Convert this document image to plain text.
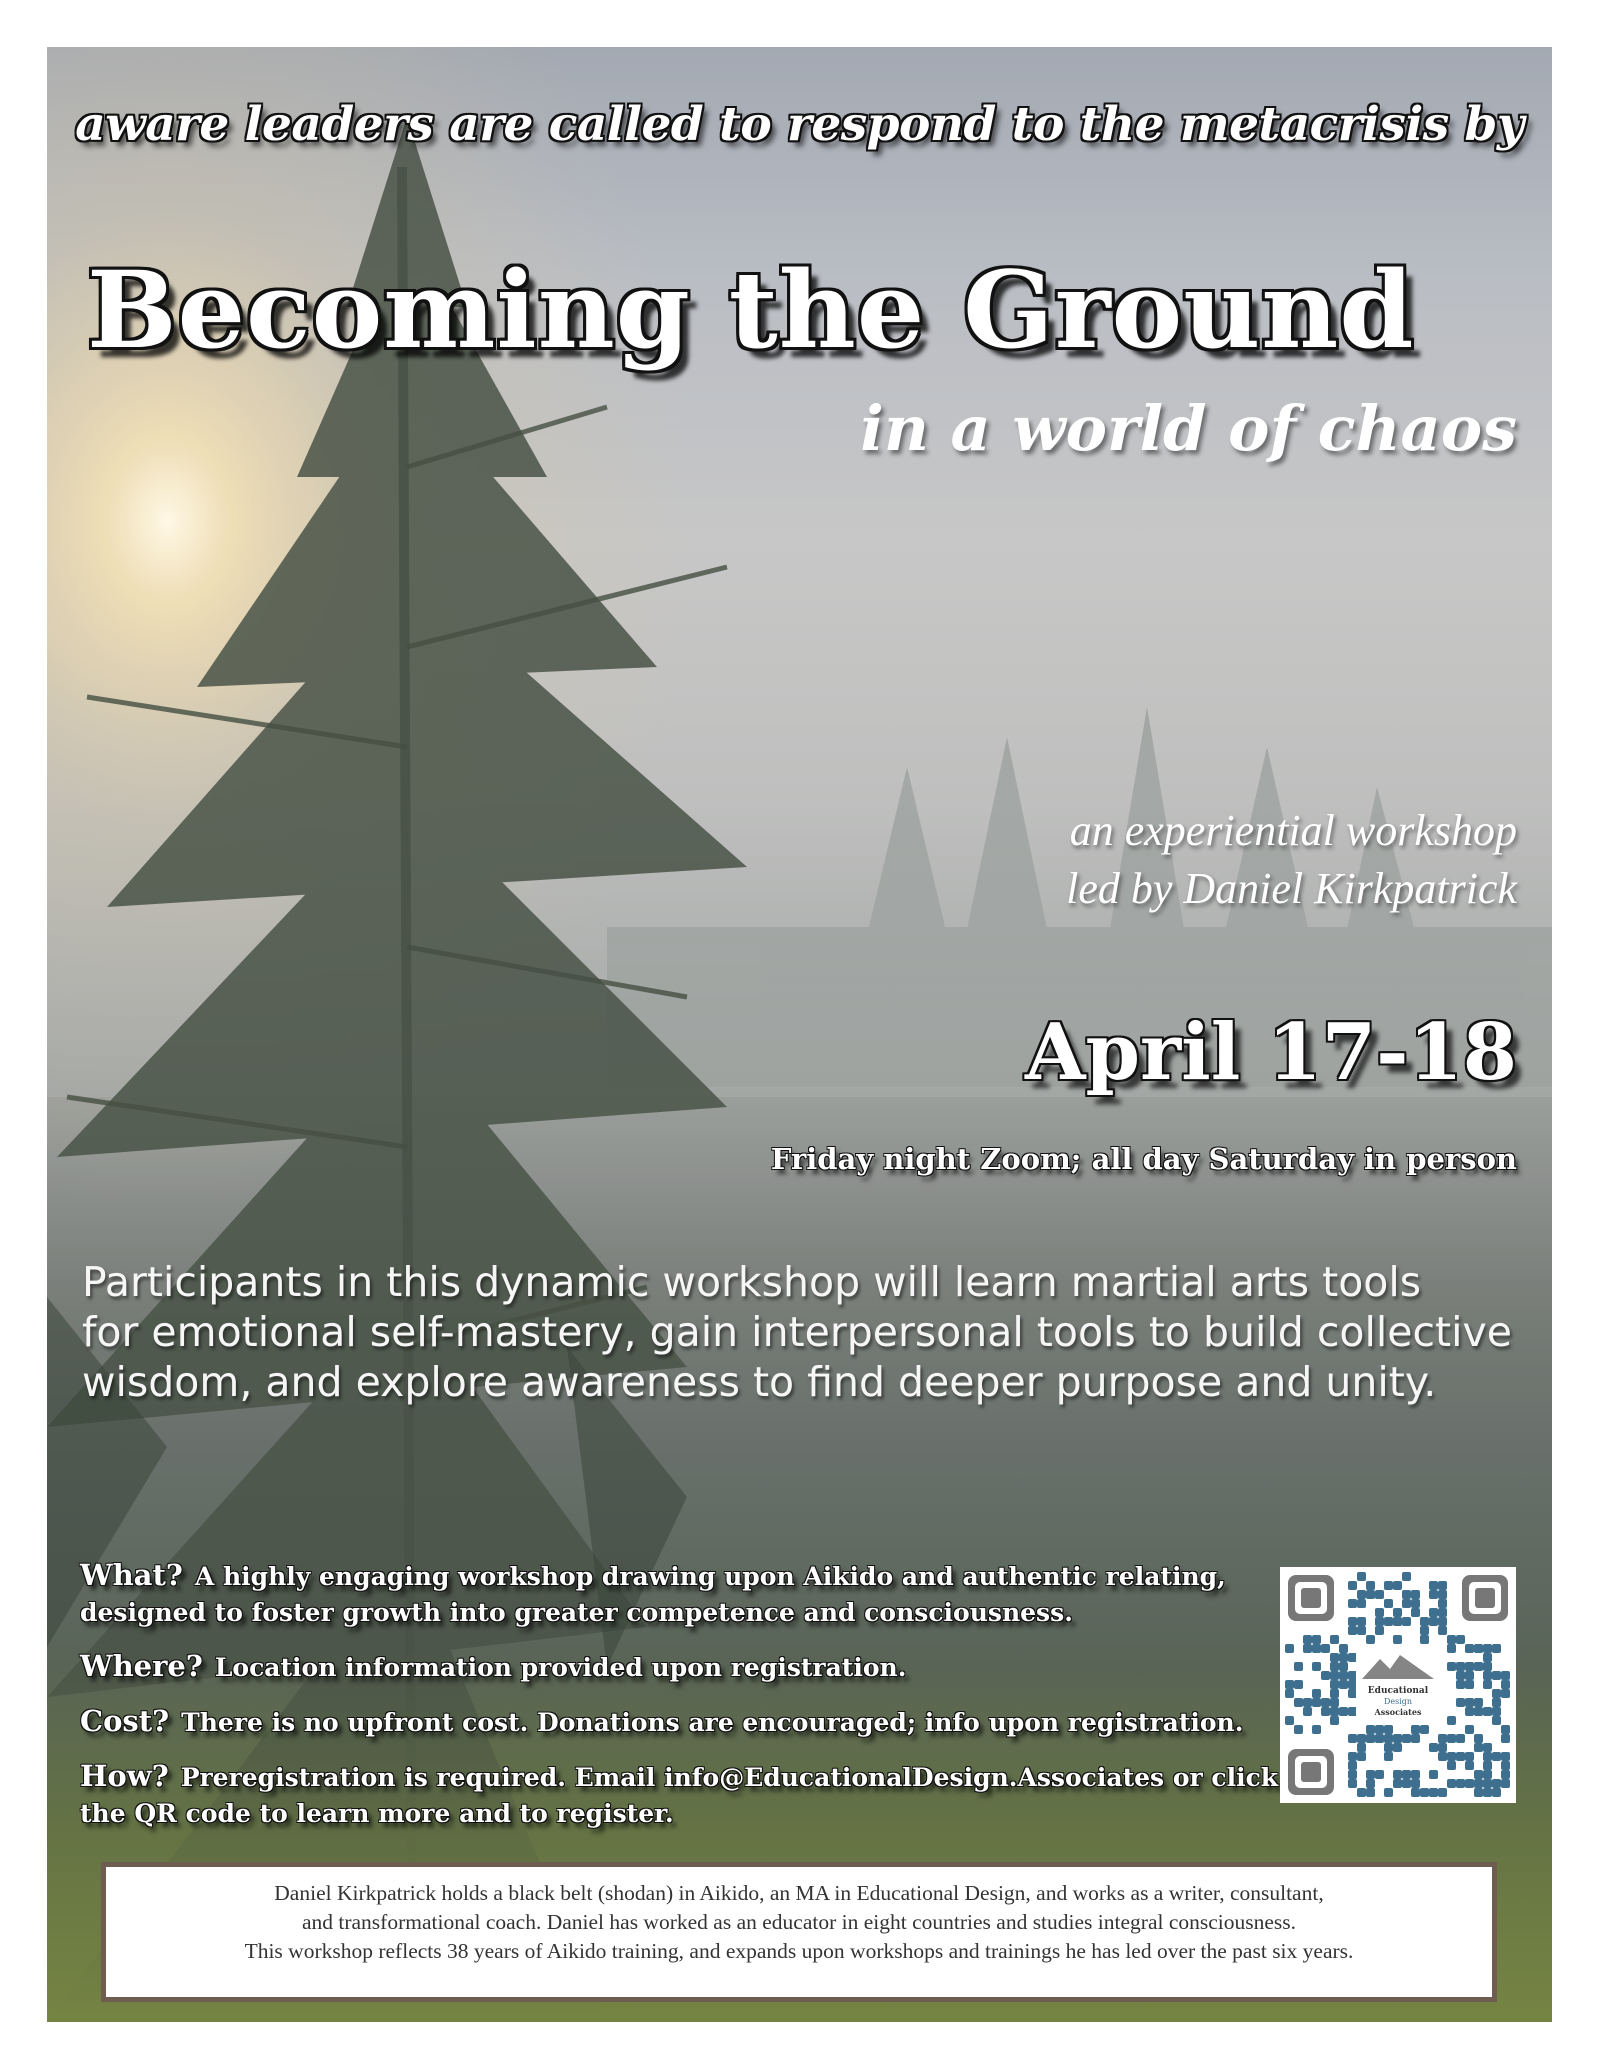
aware leaders are called to respond to the metacrisis by
Becoming the Ground
in a world of chaos
an experiential workshop
led by Daniel Kirkpatrick
April 17-18
Friday night Zoom; all day Saturday in person
Participants in this dynamic workshop will learn martial arts tools
for emotional self-mastery, gain interpersonal tools to build collective
wisdom, and explore awareness to find deeper purpose and unity.
What? A highly engaging workshop drawing upon Aikido and authentic relating,
designed to foster growth into greater competence and consciousness.
Where? Location information provided upon registration.
Cost? There is no upfront cost. Donations are encouraged; info upon registration.
How? Preregistration is required. Email info@EducationalDesign.Associates or click
the QR code to learn more and to register.
Educational
Design
Associates
Daniel Kirkpatrick holds a black belt (shodan) in Aikido, an MA in Educational Design, and works as a writer, consultant,
and transformational coach. Daniel has worked as an educator in eight countries and studies integral consciousness.
This workshop reflects 38 years of Aikido training, and expands upon workshops and trainings he has led over the past six years.
